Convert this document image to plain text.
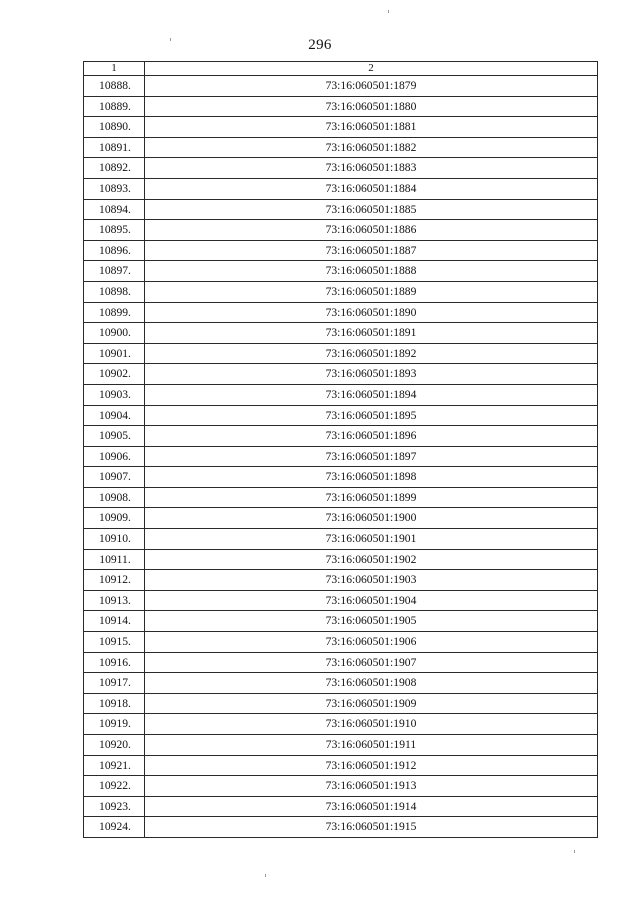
296
1	2
10888.	73:16:060501:1879
10889.	73:16:060501:1880
10890.	73:16:060501:1881
10891.	73:16:060501:1882
10892.	73:16:060501:1883
10893.	73:16:060501:1884
10894.	73:16:060501:1885
10895.	73:16:060501:1886
10896.	73:16:060501:1887
10897.	73:16:060501:1888
10898.	73:16:060501:1889
10899.	73:16:060501:1890
10900.	73:16:060501:1891
10901.	73:16:060501:1892
10902.	73:16:060501:1893
10903.	73:16:060501:1894
10904.	73:16:060501:1895
10905.	73:16:060501:1896
10906.	73:16:060501:1897
10907.	73:16:060501:1898
10908.	73:16:060501:1899
10909.	73:16:060501:1900
10910.	73:16:060501:1901
10911.	73:16:060501:1902
10912.	73:16:060501:1903
10913.	73:16:060501:1904
10914.	73:16:060501:1905
10915.	73:16:060501:1906
10916.	73:16:060501:1907
10917.	73:16:060501:1908
10918.	73:16:060501:1909
10919.	73:16:060501:1910
10920.	73:16:060501:1911
10921.	73:16:060501:1912
10922.	73:16:060501:1913
10923.	73:16:060501:1914
10924.	73:16:060501:1915
